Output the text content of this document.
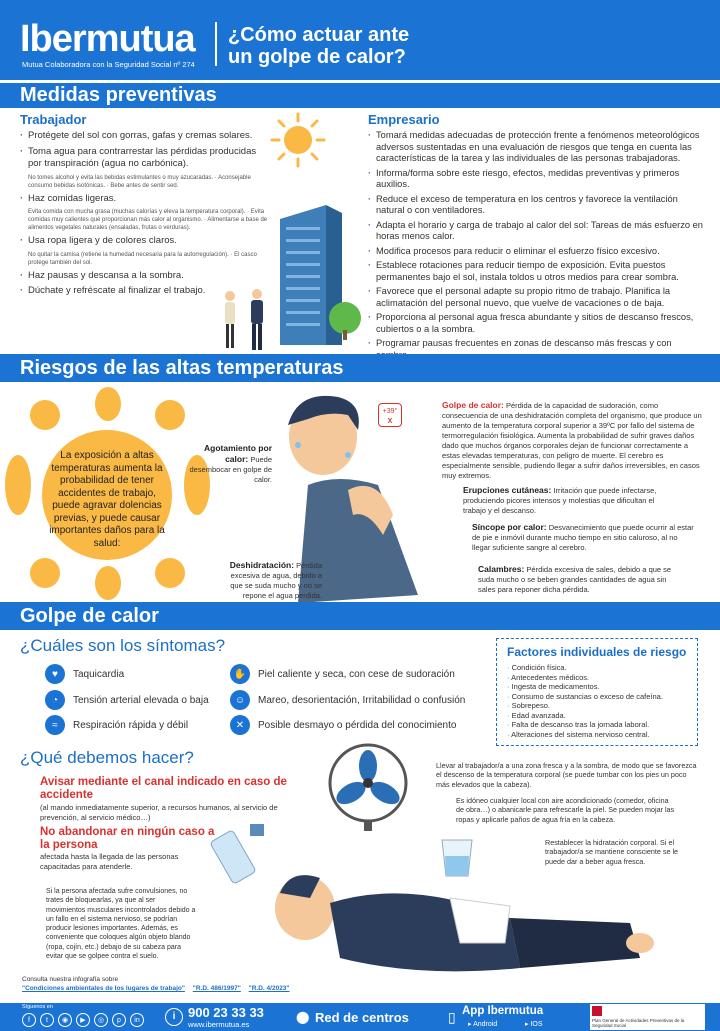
Ibermutua
Mutua Colaboradora con la Seguridad Social nº 274
¿Cómo actuar ante
un golpe de calor?
Medidas preventivas
Trabajador
· Protégete del sol con gorras, gafas y cremas solares.
· Toma agua para contrarrestar las pérdidas producidas por transpiración (agua no carbónica).
No tomes alcohol y evita las bebidas estimulantes o muy azucaradas. · Aconsejable consumo bebidas isotónicas. · Bebe antes de sentir sed.
· Haz comidas ligeras.
Evita comida con mucha grasa (muchas calorías y eleva la temperatura corporal). · Evita comidas muy calientes qué proporcionan más calor al organismo. · Alimentarse a base de alimentos vegetales naturales (ensaladas, frutas o verduras).
· Usa ropa ligera y de colores claros.
No quitar la camisa (retiene la humedad necesaria para la autorregulación). · El casco protege también del sol.
· Haz pausas y descansa a la sombra.
· Dúchate y refréscate al finalizar el trabajo.
Empresario
· Tomará medidas adecuadas de protección frente a fenómenos meteorológicos adversos sustentadas en una evaluación de riesgos que tenga en cuenta las características de la tarea y las individuales de las personas trabajadoras.
· Informa/forma sobre este riesgo, efectos, medidas preventivas y primeros auxilios.
· Reduce el exceso de temperatura en los centros y favorece la ventilación natural o con ventiladores.
· Adapta el horario y carga de trabajo al calor del sol: Tareas de más esfuerzo en horas menos calor.
· Modifica procesos para reducir o eliminar el esfuerzo físico excesivo.
· Establece rotaciones para reducir tiempo de exposición. Evita puestos permanentes bajo el sol, instala toldos u otros medios para crear sombra.
· Favorece que el personal adapte su propio ritmo de trabajo. Planifica la aclimatación del personal nuevo, que vuelve de vacaciones o de baja.
· Proporciona al personal agua fresca abundante y sitios de descanso frescos, cubiertos o a la sombra.
· Programar pausas frecuentes en zonas de descanso más frescas y con
·
Riesgos de las altas temperaturas
La exposición a altas temperaturas aumenta la probabilidad de tener accidentes de trabajo, puede agravar dolencias previas, y puede causar importantes daños para la salud:
+39°
X
Agotamiento por calor: Puede desembocar en golpe de calor.
Deshidratación: Pérdida excesiva de agua, debido a que se suda mucho y no se repone el agua perdida.
Golpe de calor: Pérdida de la capacidad de sudoración, como consecuencia de una deshidratación completa del organismo, que produce un aumento de la temperatura corporal superior a 39ºC por fallo del sistema de termorregulación fisiológica. Aumenta la probabilidad de sufrir graves daños dado que muchos órganos corporales dejan de funcionar correctamente a estas elevadas temperaturas, con peligro de muerte. El cerebro es especialmente sensible, pudiendo llegar a sufrir daños irreversibles, en casos muy extremos.
Erupciones cutáneas: Irritación que puede infectarse, produciendo picores intensos y molestias que dificultan el trabajo y el descanso.
Síncope por calor: Desvanecimiento que puede ocurrir al estar de pie e inmóvil durante mucho tiempo en sitio caluroso, al no llegar suficiente sangre al cerebro.
Calambres: Pérdida excesiva de sales, debido a que se suda mucho o se beben grandes cantidades de agua sin sales para reponer dicha pérdida.
Golpe de calor
¿Cuáles son los síntomas?
♥	Taquicardia	✋	Piel caliente y seca, con cese de sudoración
◔	Tensión arterial elevada o baja	☺	Mareo, desorientación, Irritabilidad o confusión
≈	Respiración rápida y débil	✕	Posible desmayo o pérdida del conocimiento
Factores individuales de riesgo
· Condición física.
· Antecedentes médicos.
· Ingesta de medicamentos.
· Consumo de sustancias o exceso de cafeína.
· Sobrepeso.
· Edad avanzada.
· Falta de descanso tras la jornada laboral.
· Alteraciones del sistema nervioso central.
¿Qué debemos hacer?
Avisar mediante el canal indicado en caso de accidente
(al mando inmediatamente superior, a recursos humanos, al servicio de prevención, al servicio médico…)
No abandonar en ningún caso a la persona
afectada hasta la llegada de las personas capacitadas para atenderle.
Si la persona afectada sufre convulsiones, no trates de bloquearlas, ya que al ser movimientos musculares incontrolados debido a un fallo en el sistema nervioso, se podrían producir lesiones importantes. Además, es conveniente que coloques algún objeto blando (ropa, cojín, etc.) debajo de su cabeza para evitar que se golpee contra el suelo.
Llevar al trabajador/a a una zona fresca y a la sombra, de modo que se favorezca el descenso de la temperatura corporal (se puede tumbar con los pies un poco más elevados que la cabeza).
Es idóneo cualquier local con aire acondicionado (comedor, oficina de obra…) o abanicarle para refrescarle la piel. Se pueden mojar las ropas y aplicarle paños de agua fría en la cabeza.
Restablecer la hidratación corporal. Si el trabajador/a se mantiene consciente se le puede dar a beber agua fresca.
Consulta nuestra infografía sobre
"Condiciones ambientales de los lugares de trabajo" "R.D. 486/1997" "R.D. 4/2023"
Síguenos en
f	t	◉	▶	◎	p	in	i 900 23 33 33
www.ibermutua.es
⬤ Red de centros	▯ App Ibermutua
▸ Android	▸ IOS
Plan General de Actividades Preventivas de la Seguridad Social
